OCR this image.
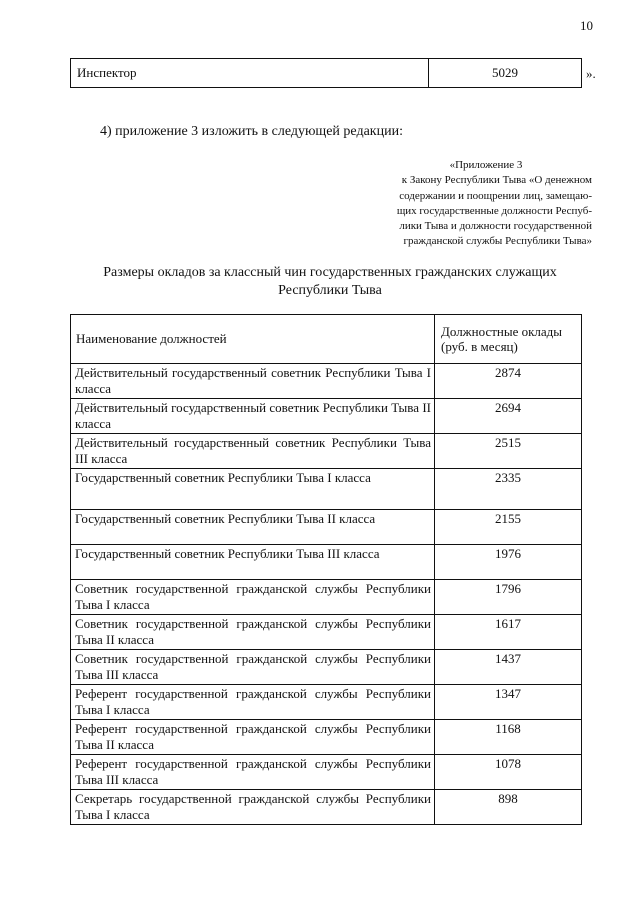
10
Инспектор	5029	».
4) приложение 3 изложить в следующей редакции:
«Приложение 3
к Закону Республики Тыва «О денежном
содержании и поощрении лиц, замещаю-
щих государственные должности Респуб-
лики Тыва и должности государственной
гражданской службы Республики Тыва»
Размеры окладов за классный чин государственных гражданских служащих
Республики Тыва
Наименование должностей	Должностные оклады (руб. в месяц)
Действительный государственный советник Республики Тыва I класса	2874
Действительный государственный советник Республики Тыва II класса	2694
Действительный государственный советник Республики Тыва III класса	2515
Государственный советник Республики Тыва I класса	2335
Государственный советник Республики Тыва II класса	2155
Государственный советник Республики Тыва III класса	1976
Советник государственной гражданской службы Республики Тыва I класса	1796
Советник государственной гражданской службы Республики Тыва II класса	1617
Советник государственной гражданской службы Республики Тыва III класса	1437
Референт государственной гражданской службы Республики Тыва I класса	1347
Референт государственной гражданской службы Республики Тыва II класса	1168
Референт государственной гражданской службы Республики Тыва III класса	1078
Секретарь государственной гражданской службы Республики Тыва I класса	898
